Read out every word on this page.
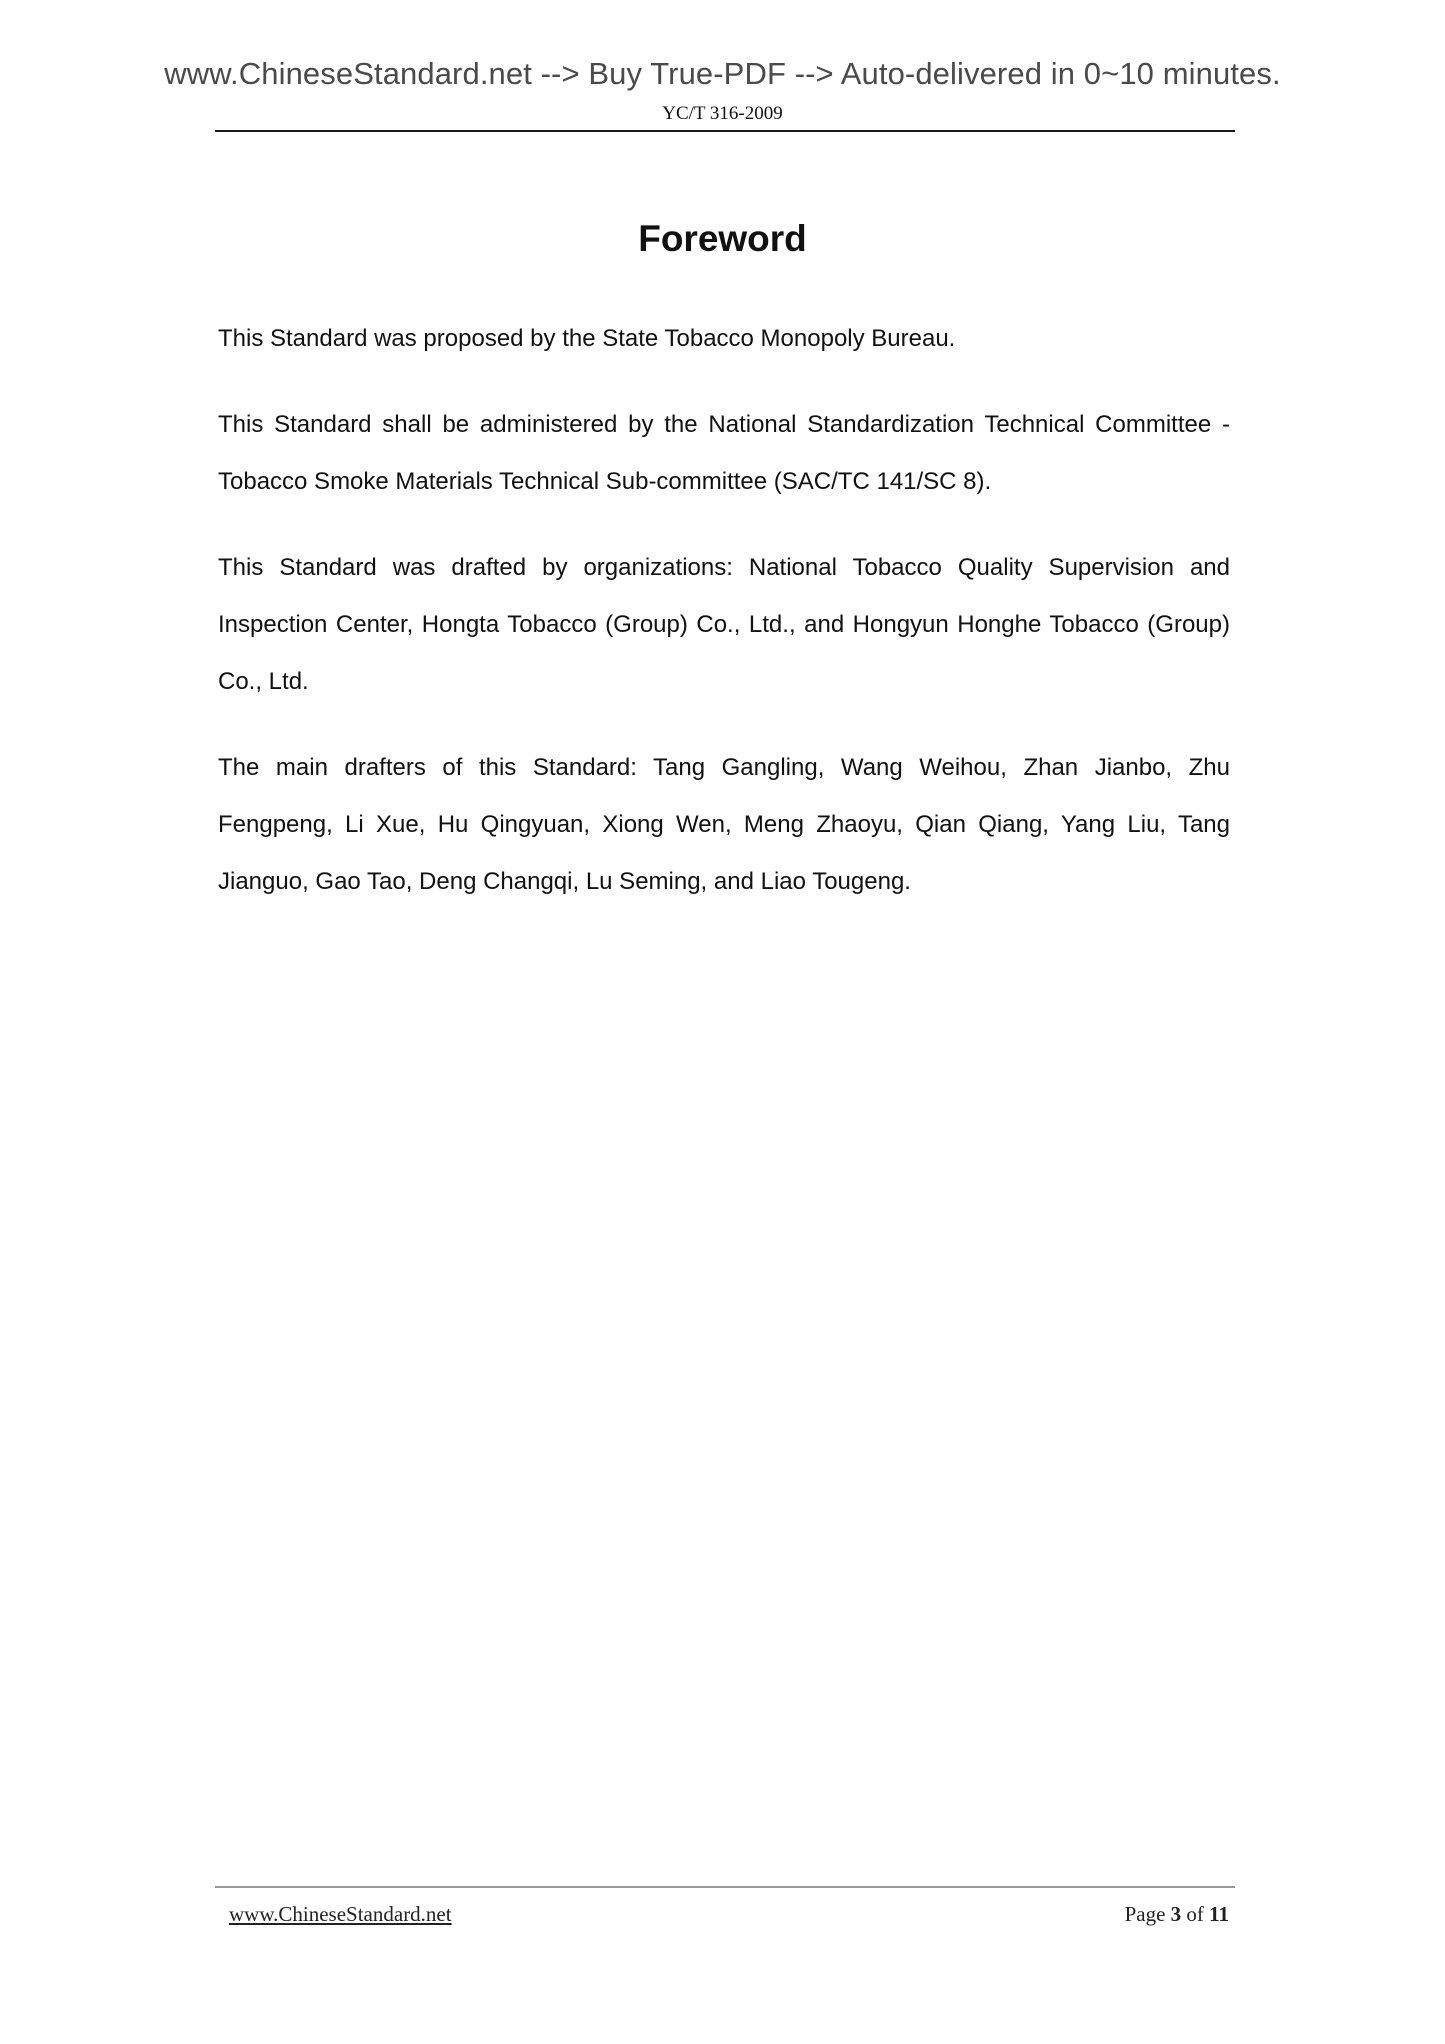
www.ChineseStandard.net --> Buy True-PDF --> Auto-delivered in 0~10 minutes.
YC/T 316-2009
Foreword
This Standard was proposed by the State Tobacco Monopoly Bureau.
This Standard shall be administered by the National Standardization Technical Committee - Tobacco Smoke Materials Technical Sub-committee (SAC/TC 141/SC 8).
This Standard was drafted by organizations: National Tobacco Quality Supervision and Inspection Center, Hongta Tobacco (Group) Co., Ltd., and Hongyun Honghe Tobacco (Group) Co., Ltd.
The main drafters of this Standard: Tang Gangling, Wang Weihou, Zhan Jianbo, Zhu Fengpeng, Li Xue, Hu Qingyuan, Xiong Wen, Meng Zhaoyu, Qian Qiang, Yang Liu, Tang Jianguo, Gao Tao, Deng Changqi, Lu Seming, and Liao Tougeng.
www.ChineseStandard.net	Page 3 of 11
